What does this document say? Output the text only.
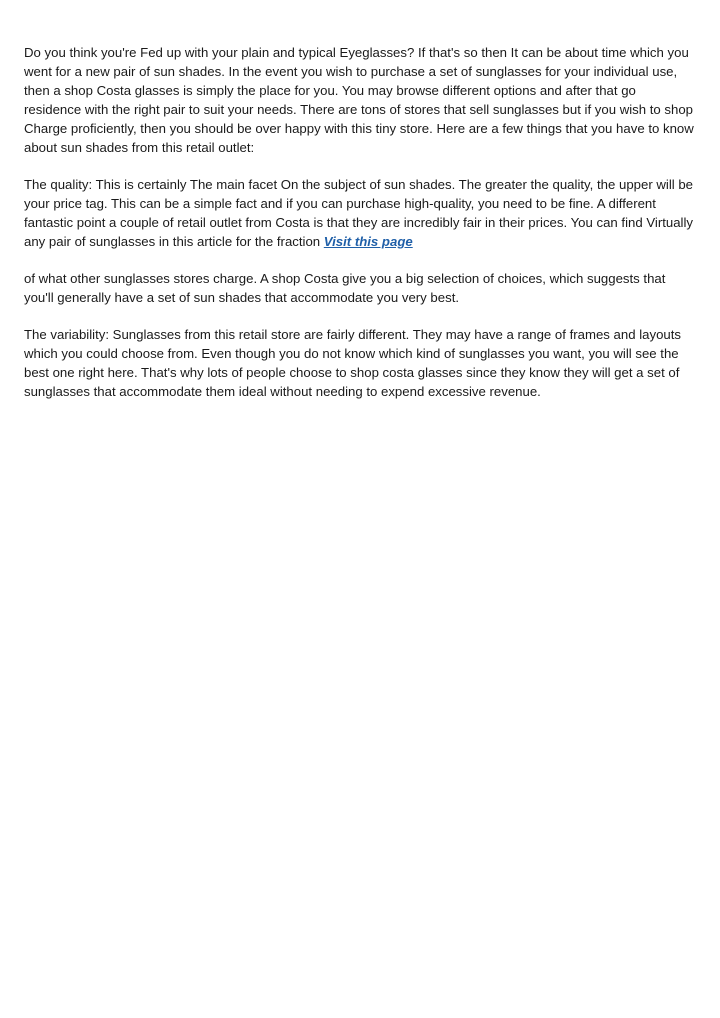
Do you think you're Fed up with your plain and typical Eyeglasses? If that's so then It can be about time which you went for a new pair of sun shades. In the event you wish to purchase a set of sunglasses for your individual use, then a shop Costa glasses is simply the place for you. You may browse different options and after that go residence with the right pair to suit your needs. There are tons of stores that sell sunglasses but if you wish to shop Charge proficiently, then you should be over happy with this tiny store. Here are a few things that you have to know about sun shades from this retail outlet:

The quality: This is certainly The main facet On the subject of sun shades. The greater the quality, the upper will be your price tag. This can be a simple fact and if you can purchase high-quality, you need to be fine. A different fantastic point a couple of retail outlet from Costa is that they are incredibly fair in their prices. You can find Virtually any pair of sunglasses in this article for the fraction Visit this page

of what other sunglasses stores charge. A shop Costa give you a big selection of choices, which suggests that you'll generally have a set of sun shades that accommodate you very best.

The variability: Sunglasses from this retail store are fairly different. They may have a range of frames and layouts which you could choose from. Even though you do not know which kind of sunglasses you want, you will see the best one right here. That's why lots of people choose to shop costa glasses since they know they will get a set of sunglasses that accommodate them ideal without needing to expend excessive revenue.
